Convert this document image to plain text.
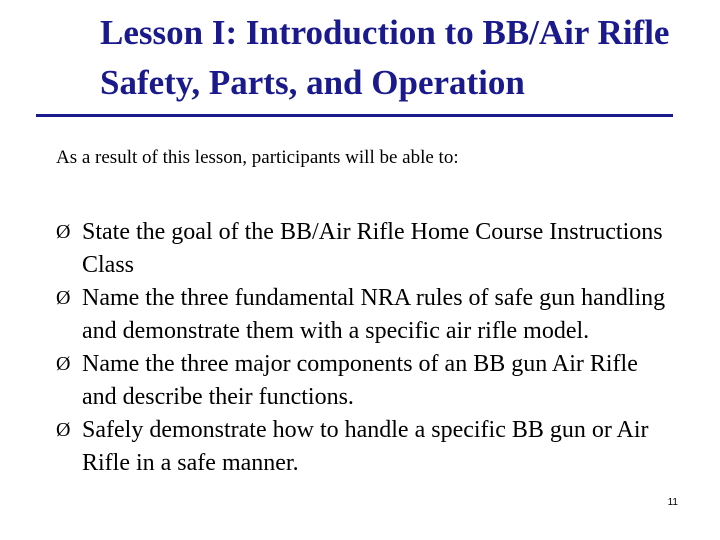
Lesson I: Introduction to BB/Air Rifle Safety, Parts, and Operation

As a result of this lesson, participants will be able to:

Ø State the goal of the BB/Air Rifle Home Course Instructions Class
Ø Name the three fundamental NRA rules of safe gun handling and demonstrate them with a specific air rifle model.
Ø Name the three major components of an BB gun Air Rifle and describe their functions.
Ø Safely demonstrate how to handle a specific BB gun or Air Rifle in a safe manner.
11
